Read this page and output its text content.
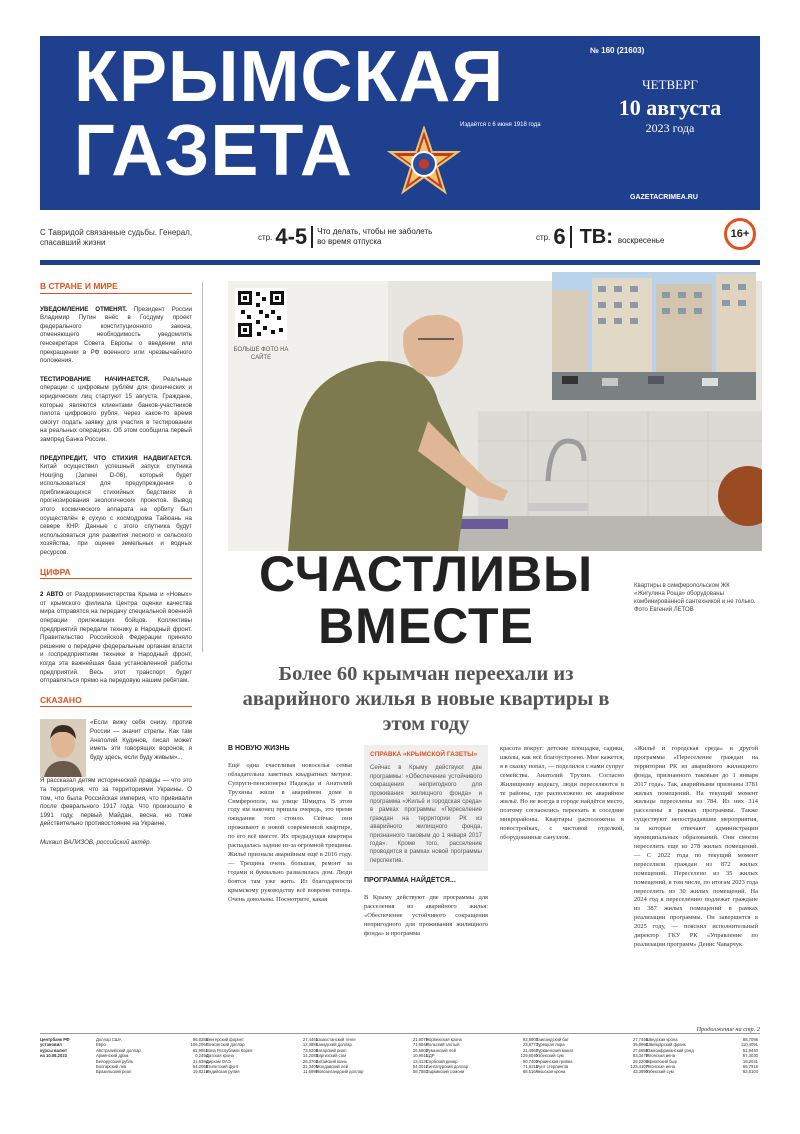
КРЫМСКАЯ
ГАЗЕТА	Издаётся с 6 июня 1918 года
№ 160 (21603)
ЧЕТВЕРГ
10 августа
2023 года
GAZETACRIMEA.RU
С Тавридой связанные судьбы. Генерал, спасавший жизни
стр. 4-5 Что делать, чтобы не заболеть во время отпуска	стр. 6 ТВ: воскресенье	16+
В СТРАНЕ И МИРЕ
УВЕДОМЛЕНИЕ ОТМЕНЯТ. Президент России Владимир Путин внёс в Госдуму проект федерального конституционного закона, отменяющего необходимость уведомлять генсекретаря Совета Европы о введении или прекращении в РФ военного или чрезвычайного положения.
ТЕСТИРОВАНИЕ НАЧИНАЕТСЯ. Реальные операции с цифровым рублём для физических и юридических лиц стартуют 15 августа. Граждане, которые являются клиентами банков-участников пилота цифрового рубля, через какое-то время смогут подать заявку для участия в тестировании на реальных операциях. Об этом сообщила первый зампред Банка России.
ПРЕДУПРЕДИТ, ЧТО СТИХИЯ НАДВИГАЕТСЯ. Китай осуществил успешный запуск спутника Hourjing (Janwei D-06), который будет использоваться для предупреждения о приближающихся стихийных бедствиях и прогнозирования экологических проектов. Вывод этого космического аппарата на орбиту был осуществлён в сухую с космодрома Тайюань на севере КНР. Данные с этого спутника будут использоваться для развития лесного и сельского хозяйства, при оценке земельных и водных ресурсов.
ЦИФРА
2 АВТО от Раздорминистерства Крыма и «Новых» от крымского филиала Центра оценки качества мира отправятся на передачу специальной военной операции прилежащих бойцов. Коллективы предприятий передали технику в Народный фронт. Правительство Российской Федерации приняло решение о передаче федеральным органам власти и госпредприятиям технике в Народный фронт, когда эта важнейшая база установленной работы предприятий. Весь этот транспорт будет отправляться прямо на передовую нашим ребятам.
СКАЗАНО
«Если вижу себя снизу, против России — значит стрелы. Как там Анатолий Кудинов, писал может иметь эти говорящих воронов, я буду здесь, если буду живым»...
Я рассказал детям исторической правды — что это та территория, что за территориями Украины. О том, что была Российская империя, что прививали после феврального 1917 года. Что произошло в 1991 году, первый Майдан, весна, но тоже действительно противостояние на Украине.
Михаил ВАЛИЗОВ, российский актёр.
БОЛЬШЕ ФОТО НА САЙТЕ
СЧАСТЛИВЫ
ВМЕСТЕ
Более 60 крымчан переехали из аварийного жилья в новые квартиры в этом году
Квартиры в симферопольском ЖК «Жигулина Роща» оборудованы комбинированной сантехникой и не только.
Фото Евгений ЛЕТОВ
В НОВУЮ ЖИЗНЬ
Ещё одна счастливая новоселья семья обладательна заветных квадратных метров. Супруги-пенсионеры Надежда и Анатолий Трухины жили в аварийном доме в Симферополе, на улице Шмидта. В этом году им наконец пришла очередь, это время ожидания того стоило. Сейчас они проживают в новой современной квартире, по его всё вместе. Их предыдущая квартира распадалась задние из-за огромной трещины. Жильё признали аварийным ещё в 2016 году. — Трещина очень большая, ремонт за годами и буквально развалилась дом. Люди боятся там уже жить. Из благодарности крымскому руководству всё вовремя теперь. Очень довольны. Посмотрите, какая
СПРАВКА «КРЫМСКОЙ ГАЗЕТЫ»
Сейчас в Крыму действуют две программы: «Обеспечение устойчивого сокращения непригодного для проживания жилищного фонда» и программа «Жильё и городская среда» в рамках программы «Переселение граждан на территории РК из аварийного жилищного фонда, признанного таковым до 1 января 2017 года». Кроме того, расселение проводится в рамках новой программы перспектив.
ПРОГРАММА НАЙДЁТСЯ...
В Крыму действуют две программы для расселения из аварийного жилья: «Обеспечение устойчивого сокращения непригодного для проживания жилищного фонда» и программа
красота вокруг: детские площадки, садики, школы, как всё благоустроено. Мне кажется, я в сказку попал, — поделился с нами супруг семейства. Анатолий Трухин. Согласно Жилищному кодексу, люди переселяются в те районы, где расположено их аварийное жильё. Но не всегда в городе найдётся место, поэтому согласились переехать в соседние микрорайоны. Квартиры расположены в новостройках, с чистовой отделкой, оборудованные санузлом.
«Жильё и городская среда» и другой программы «Переселение граждан на территории РК из аварийного жилищного фонда, признанного таковым до 1 января 2017 года». Так, аварийными признаны 3781 жилых помещений. На текущий момент жильцы переселены из 784. Из них 314 расселены в рамках программы. Также существуют непострадавшие мероприятия, за которые отвечают администрации муниципальных образований. Они смогли переселить еще из 278 жилых помещений. — С 2022 года по текущий момент переселили граждан из 872 жилых помещений. Переселено из 35 жилых помещений, в том числе, по итогам 2023 года переселить из 30 жилых помещений. На 2024 год к переселению подлежат граждане из 387 жилых помещений в рамках реализации программы. Он завершится в 2025 году, — пояснил исполнительный директор ГКУ РК «Управление по реализации программ» Денис Чаварчук.
Продолжение на стр. 2
Центрбанк РФ установил
курсы валют
на 10.08.2023
Доллар США	96,8284
Евро	106,2064
Австралийский доллар	62,9851
Армянский драм	0,2494
Белорусский рубль	31,9384
Болгарский лев	54,2068
Бразильский реал	19,8216
Венгерский форинт	27,4461
Гонконгский доллар	12,3881
Вона Республики Корея	73,5208
Датская крона	14,2083
Дирхам ОАЭ	26,3702
Египетский фунт	31,3406
Индийская рупия	11,6998
Казахстанский тенге	21,6079
Канадский доллар	71,9848
Катарский риал	26,5803
Киргизский сом	10,9915
Китайский юань	13,4131
Молдавский лей	54,0012
Новозеландский доллар	58,7882
Норвежская крона	93,8905
Польский злотый	23,8773
Румынский лей	21,4961
СДР	129,6040
Сербский динар	90,7402
Сингапурский доллар	71,6211
Таджикский сомони	88,5164
Таиландский бат	27,7446
Турецкая лира	35,8960
Туркменский манат	27,6655
Узбекский сум	83,3476
Украинская гривна	26,2208
Фунт стерлингов	123,4107
Чешская крона	43,3890
Шведская крона	88,7086
Швейцарский франк	110,4091
Южноафриканский рэнд	51,9440
Японская иена	67,3030
Эфиопский быр	16,2031
Японская иена	66,7918
Узбекский сум	83,8104
